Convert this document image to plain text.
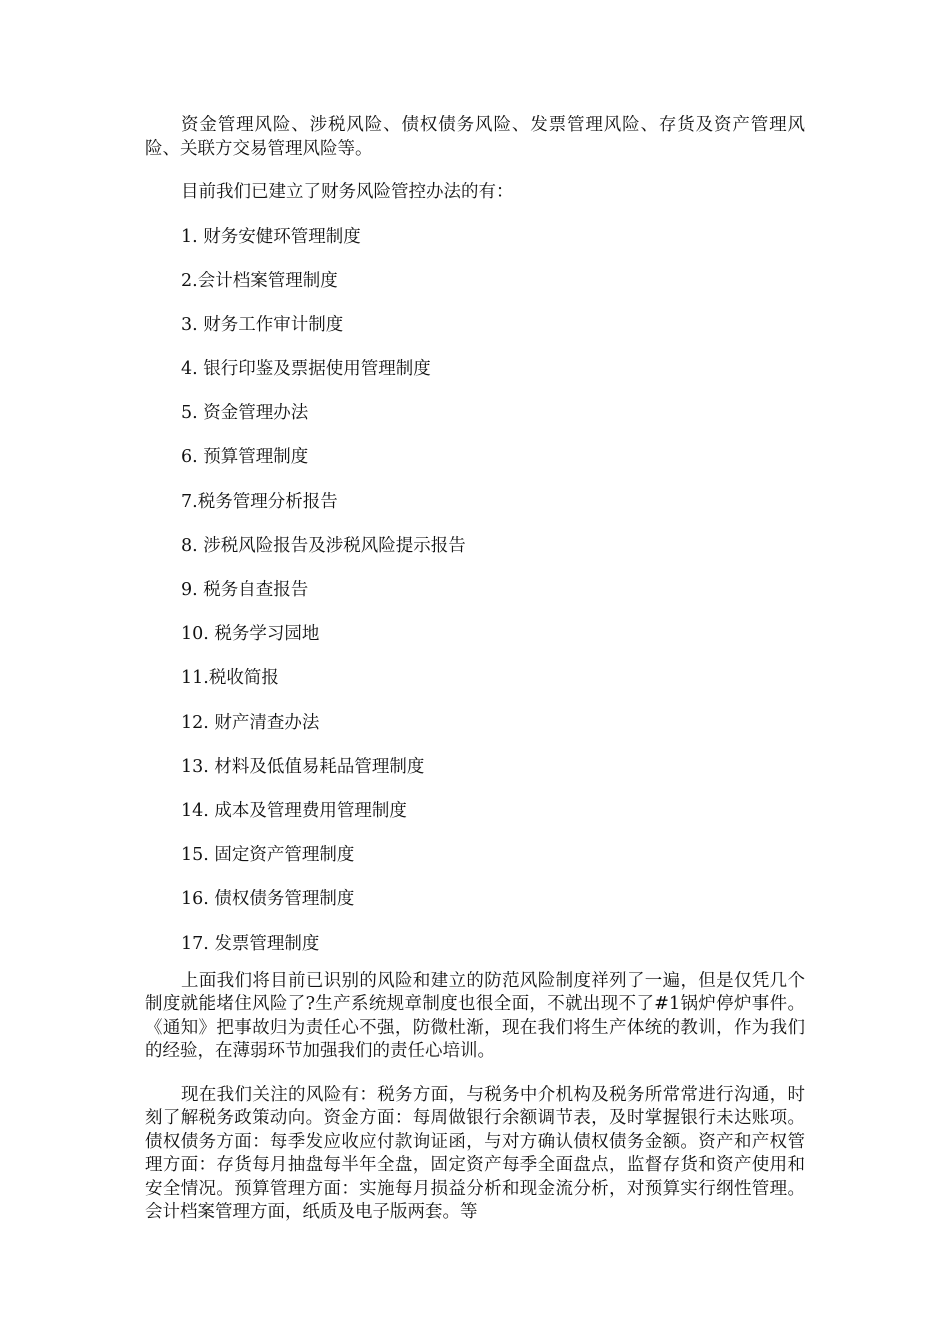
资金管理风险、涉税风险、债权债务风险、发票管理风险、存货及资产管理风险、关联方交易管理风险等。

目前我们已建立了财务风险管控办法的有：

1. 财务安健环管理制度
2.会计档案管理制度
3. 财务工作审计制度
4. 银行印鉴及票据使用管理制度
5. 资金管理办法
6. 预算管理制度
7.税务管理分析报告
8. 涉税风险报告及涉税风险提示报告
9. 税务自查报告
10. 税务学习园地
11.税收简报
12. 财产清查办法
13. 材料及低值易耗品管理制度
14. 成本及管理费用管理制度
15. 固定资产管理制度
16. 债权债务管理制度
17. 发票管理制度

上面我们将目前已识别的风险和建立的防范风险制度祥列了一遍，但是仅凭几个制度就能堵住风险了?生产系统规章制度也很全面，不就出现不了#1锅炉停炉事件。《通知》把事故归为责任心不强，防微杜渐，现在我们将生产体统的教训，作为我们的经验，在薄弱环节加强我们的责任心培训。

现在我们关注的风险有：税务方面，与税务中介机构及税务所常常进行沟通，时刻了解税务政策动向。资金方面：每周做银行余额调节表，及时掌握银行未达账项。债权债务方面：每季发应收应付款询证函，与对方确认债权债务金额。资产和产权管理方面：存货每月抽盘每半年全盘，固定资产每季全面盘点，监督存货和资产使用和安全情况。预算管理方面：实施每月损益分析和现金流分析，对预算实行纲性管理。会计档案管理方面，纸质及电子版两套。等
